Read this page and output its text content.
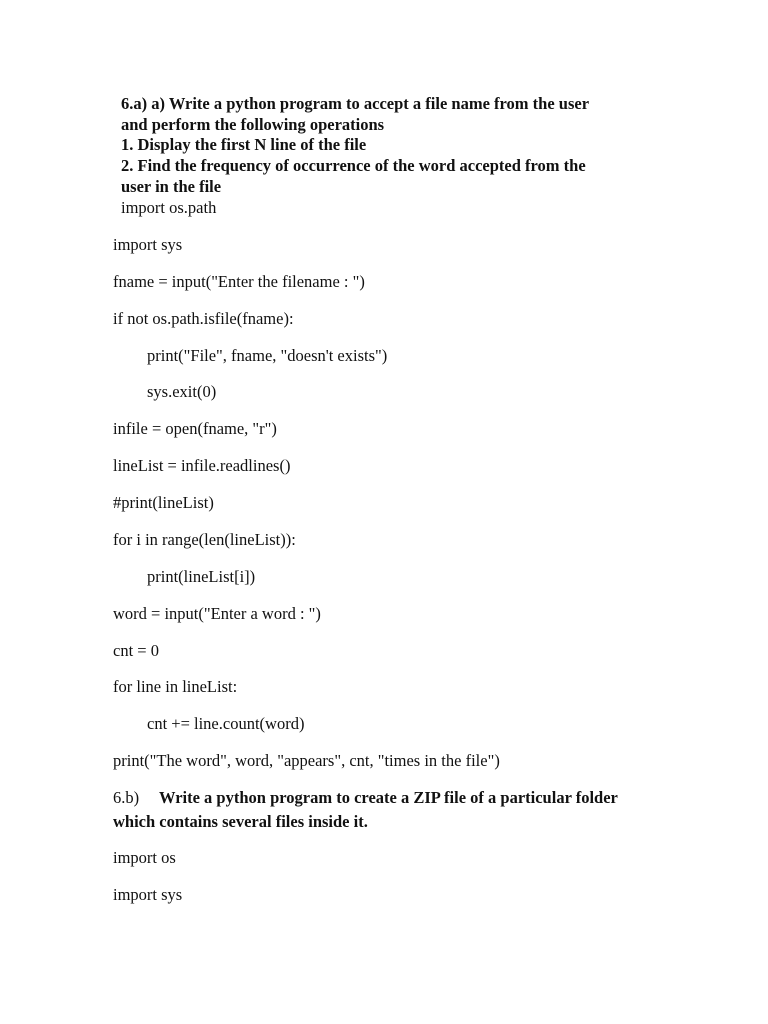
6.a) a) Write a python program to accept a file name from the user
and perform the following operations
1. Display the first N line of the file
2. Find the frequency of occurrence of the word accepted from the
user in the file
import os.path
import sys
fname = input("Enter the filename : ")
if not os.path.isfile(fname):
print("File", fname, "doesn't exists")
sys.exit(0)
infile = open(fname, "r")
lineList = infile.readlines()
#print(lineList)
for i in range(len(lineList)):
print(lineList[i])
word = input("Enter a word : ")
cnt = 0
for line in lineList:
cnt += line.count(word)
print("The word", word, "appears", cnt, "times in the file")
6.b) Write a python program to create a ZIP file of a particular folder
which contains several files inside it.
import os
import sys
